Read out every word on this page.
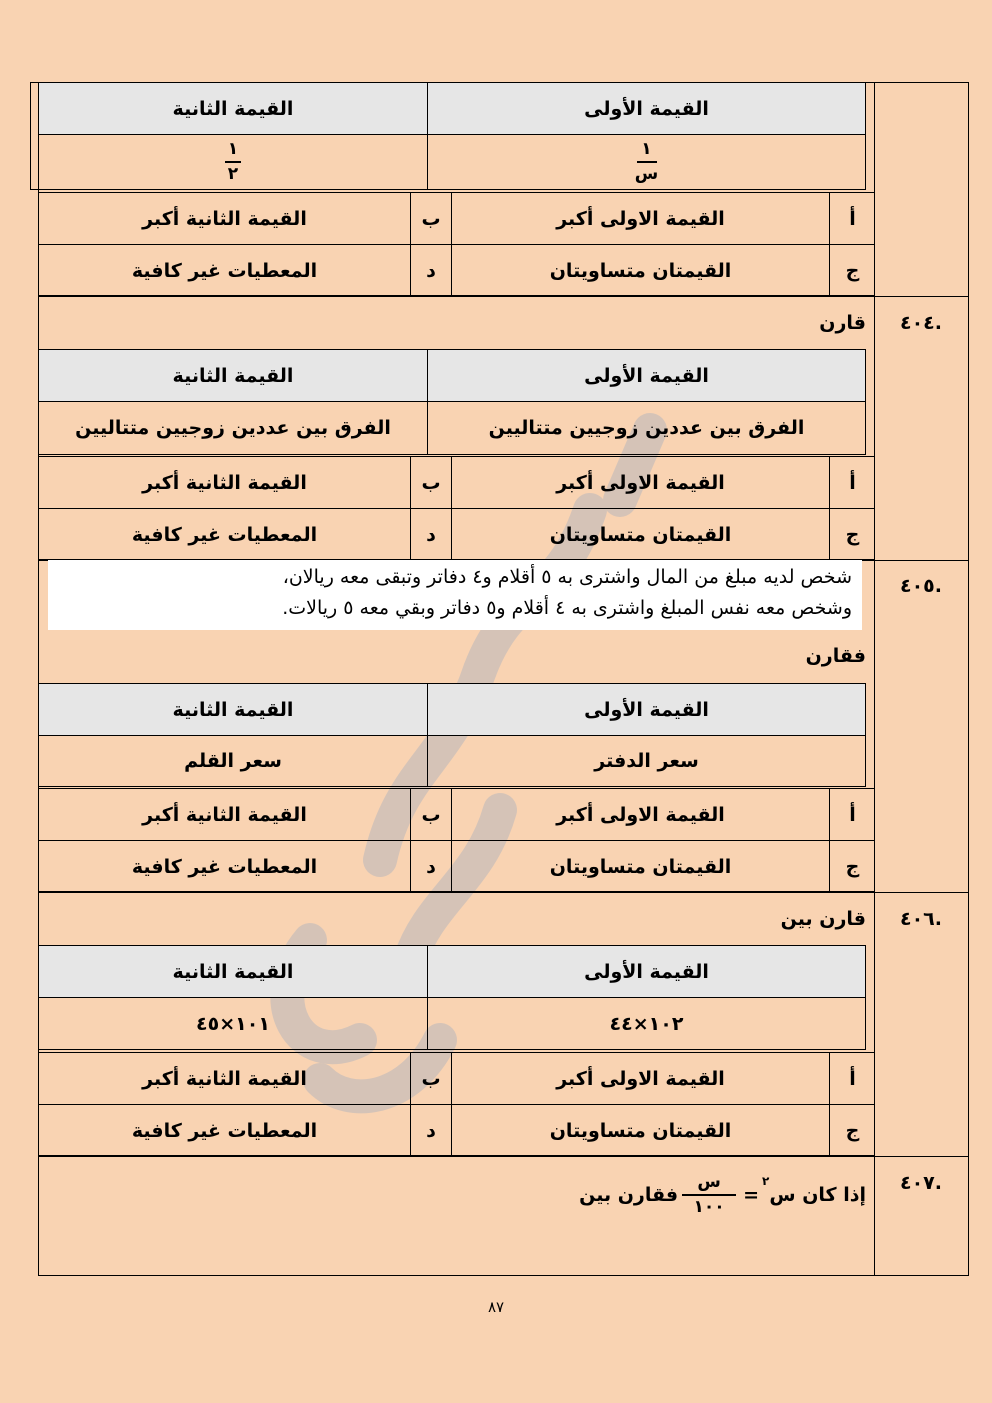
القيمة الثانية	القيمة الأولى
$\frac{١}{٢}$	$\frac{١}{\text{س}}$
القيمة الثانية أكبر	ب	القيمة الاولى أكبر	أ
المعطيات غير كافية	د	القيمتان متساويتان	ج
.٤٠٤
قارن
القيمة الثانية	القيمة الأولى
الفرق بين عددين زوجيين متتاليين	الفرق بين عددين زوجيين متتاليين
القيمة الثانية أكبر	ب	القيمة الاولى أكبر	أ
المعطيات غير كافية	د	القيمتان متساويتان	ج
.٤٠٥
شخص لديه مبلغ من المال واشترى به ٥ أقلام و٤ دفاتر وتبقى معه ريالان،
وشخص معه نفس المبلغ واشترى به ٤ أقلام و٥ دفاتر وبقي معه ٥ ريالات.
فقارن
القيمة الثانية	القيمة الأولى
سعر القلم	سعر الدفتر
القيمة الثانية أكبر	ب	القيمة الاولى أكبر	أ
المعطيات غير كافية	د	القيمتان متساويتان	ج
.٤٠٦
قارن بين
القيمة الثانية	القيمة الأولى
١٠١×٤٥	١٠٢×٤٤
القيمة الثانية أكبر	ب	القيمة الاولى أكبر	أ
المعطيات غير كافية	د	القيمتان متساويتان	ج
.٤٠٧
إذا كان س
٢
=
$\frac{\text{س}}{١٠٠}$
فقارن بين
٨٧
